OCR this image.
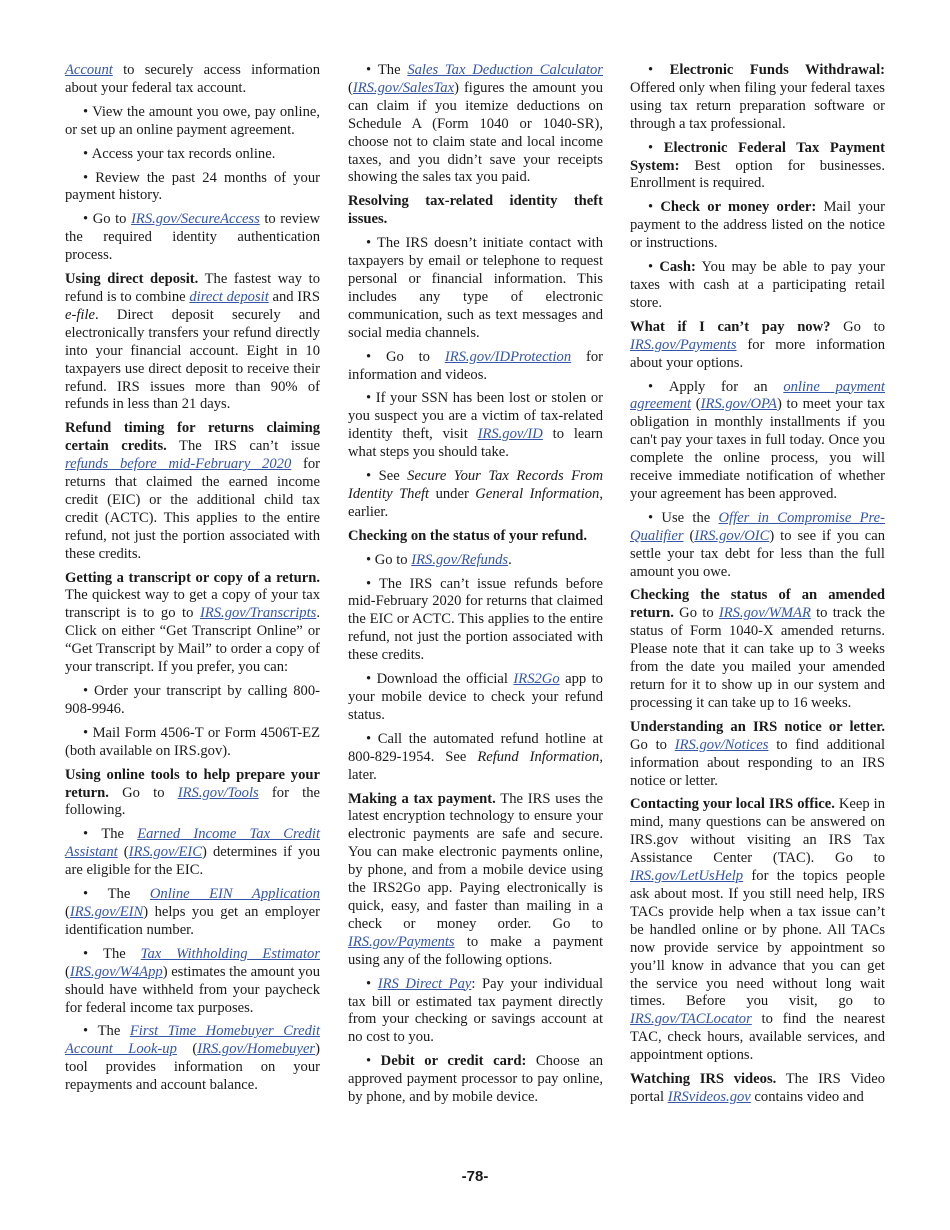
Account to securely access information about your federal tax account.

• View the amount you owe, pay online, or set up an online payment agreement.

• Access your tax records online.

• Review the past 24 months of your payment history.

• Go to IRS.gov/SecureAccess to review the required identity authentication process.

Using direct deposit. The fastest way to refund is to combine direct deposit and IRS e-file. Direct deposit securely and electronically transfers your refund directly into your financial account. Eight in 10 taxpayers use direct deposit to receive their refund. IRS issues more than 90% of refunds in less than 21 days.

Refund timing for returns claiming certain credits. The IRS can’t issue refunds before mid-February 2020 for returns that claimed the earned income credit (EIC) or the additional child tax credit (ACTC). This applies to the entire refund, not just the portion associated with these credits.

Getting a transcript or copy of a return. The quickest way to get a copy of your tax transcript is to go to IRS.gov/Transcripts. Click on either “Get Transcript Online” or “Get Transcript by Mail” to order a copy of your transcript. If you prefer, you can:

• Order your transcript by calling 800-908-9946.

• Mail Form 4506-T or Form 4506T-EZ (both available on IRS.gov).

Using online tools to help prepare your return. Go to IRS.gov/Tools for the following.

• The Earned Income Tax Credit Assistant (IRS.gov/EIC) determines if you are eligible for the EIC.

• The Online EIN Application (IRS.gov/EIN) helps you get an employer identification number.

• The Tax Withholding Estimator (IRS.gov/W4App) estimates the amount you should have withheld from your paycheck for federal income tax purposes.

• The First Time Homebuyer Credit Account Look-up (IRS.gov/Homebuyer) tool provides information on your repayments and account balance.

• The Sales Tax Deduction Calculator (IRS.gov/SalesTax) figures the amount you can claim if you itemize deductions on Schedule A (Form 1040 or 1040-SR), choose not to claim state and local income taxes, and you didn’t save your receipts showing the sales tax you paid.

Resolving tax-related identity theft issues.

• The IRS doesn’t initiate contact with taxpayers by email or telephone to request personal or financial information. This includes any type of electronic communication, such as text messages and social media channels.

• Go to IRS.gov/IDProtection for information and videos.

• If your SSN has been lost or stolen or you suspect you are a victim of tax-related identity theft, visit IRS.gov/ID to learn what steps you should take.

• See Secure Your Tax Records From Identity Theft under General Information, earlier.

Checking on the status of your refund.

• Go to IRS.gov/Refunds.

• The IRS can’t issue refunds before mid-February 2020 for returns that claimed the EIC or ACTC. This applies to the entire refund, not just the portion associated with these credits.

• Download the official IRS2Go app to your mobile device to check your refund status.

• Call the automated refund hotline at 800-829-1954. See Refund Information, later.

Making a tax payment. The IRS uses the latest encryption technology to ensure your electronic payments are safe and secure. You can make electronic payments online, by phone, and from a mobile device using the IRS2Go app. Paying electronically is quick, easy, and faster than mailing in a check or money order. Go to IRS.gov/Payments to make a payment using any of the following options.

• IRS Direct Pay: Pay your individual tax bill or estimated tax payment directly from your checking or savings account at no cost to you.

• Debit or credit card: Choose an approved payment processor to pay online, by phone, and by mobile device.

• Electronic Funds Withdrawal: Offered only when filing your federal taxes using tax return preparation software or through a tax professional.

• Electronic Federal Tax Payment System: Best option for businesses. Enrollment is required.

• Check or money order: Mail your payment to the address listed on the notice or instructions.

• Cash: You may be able to pay your taxes with cash at a participating retail store.

What if I can’t pay now? Go to IRS.gov/Payments for more information about your options.

• Apply for an online payment agreement (IRS.gov/OPA) to meet your tax obligation in monthly installments if you can't pay your taxes in full today. Once you complete the online process, you will receive immediate notification of whether your agreement has been approved.

• Use the Offer in Compromise Pre-Qualifier (IRS.gov/OIC) to see if you can settle your tax debt for less than the full amount you owe.

Checking the status of an amended return. Go to IRS.gov/WMAR to track the status of Form 1040-X amended returns. Please note that it can take up to 3 weeks from the date you mailed your amended return for it to show up in our system and processing it can take up to 16 weeks.

Understanding an IRS notice or letter. Go to IRS.gov/Notices to find additional information about responding to an IRS notice or letter.

Contacting your local IRS office. Keep in mind, many questions can be answered on IRS.gov without visiting an IRS Tax Assistance Center (TAC). Go to IRS.gov/LetUsHelp for the topics people ask about most. If you still need help, IRS TACs provide help when a tax issue can’t be handled online or by phone. All TACs now provide service by appointment so you’ll know in advance that you can get the service you need without long wait times. Before you visit, go to IRS.gov/TACLocator to find the nearest TAC, check hours, available services, and appointment options.

Watching IRS videos. The IRS Video portal IRSvideos.gov contains video and

-78-
